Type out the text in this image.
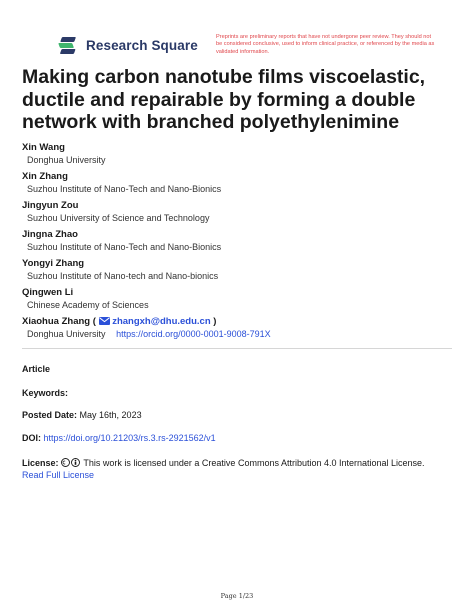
Research Square
Preprints are preliminary reports that have not undergone peer review. They should not be considered conclusive, used to inform clinical practice, or referenced by the media as validated information.
Making carbon nanotube films viscoelastic, ductile and repairable by forming a double network with branched polyethylenimine
Xin Wang
Donghua University
Xin Zhang
Suzhou Institute of Nano-Tech and Nano-Bionics
Jingyun Zou
Suzhou University of Science and Technology
Jingna Zhao
Suzhou Institute of Nano-Tech and Nano-Bionics
Yongyi Zhang
Suzhou Institute of Nano-tech and Nano-bionics
Qingwen Li
Chinese Academy of Sciences
Xiaohua Zhang ( zhangxh@dhu.edu.cn )
Donghua University https://orcid.org/0000-0001-9008-791X
Article
Keywords:
Posted Date: May 16th, 2023
DOI: https://doi.org/10.21203/rs.3.rs-2921562/v1
License:	This work is licensed under a Creative Commons Attribution 4.0 International License.
Read Full License
Page 1/23
